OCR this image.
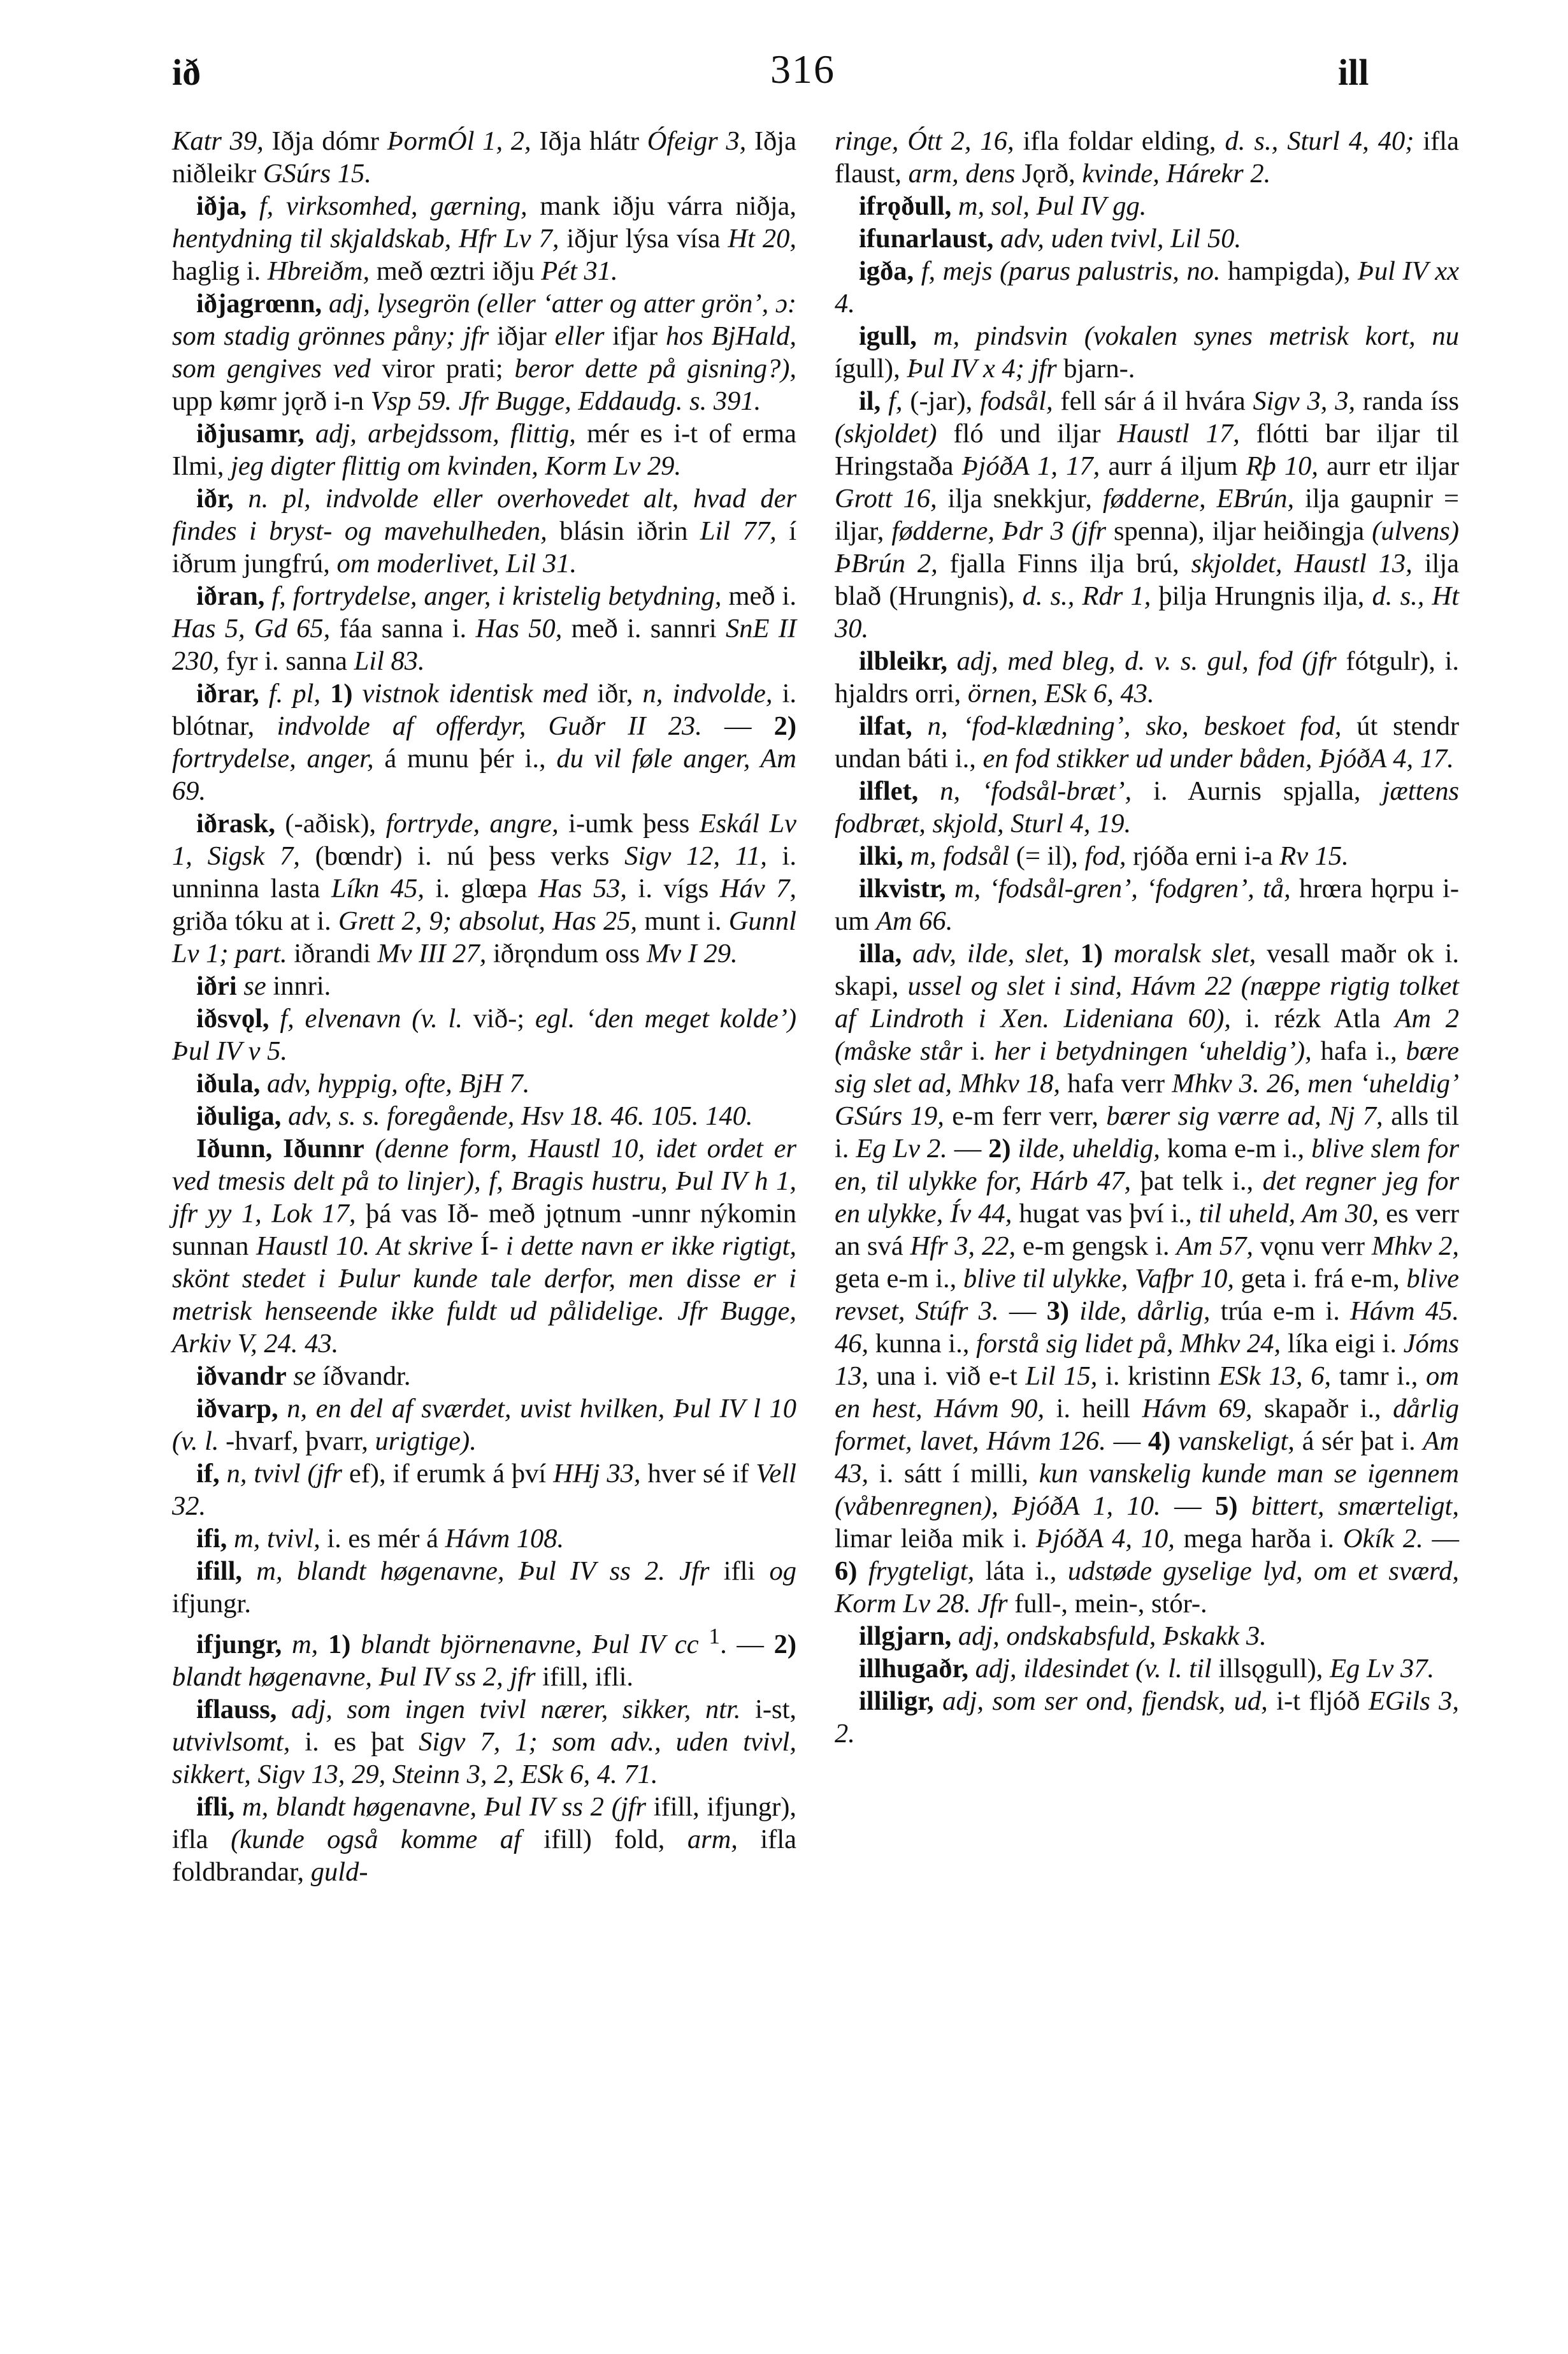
ið	316	ill

Katr 39, Iðja dómr ÞormÓl 1, 2, Iðja hlátr Ófeigr 3, Iðja niðleikr GSúrs 15.

iðja, f, virksomhed, gærning, mank iðju várra niðja, hentydning til skjaldskab, Hfr Lv 7, iðjur lýsa vísa Ht 20, haglig i. Hbreiðm, með œztri iðju Pét 31.

iðjagrœnn, adj, lysegrön (eller ‘atter og atter grön’, ɔ: som stadig grönnes påny; jfr iðjar eller ifjar hos BjHald, som gengives ved viror prati; beror dette på gisning?), upp kømr jǫrð i-n Vsp 59. Jfr Bugge, Eddaudg. s. 391.

iðjusamr, adj, arbejdssom, flittig, mér es i-t of erma Ilmi, jeg digter flittig om kvinden, Korm Lv 29.

iðr, n. pl, indvolde eller overhovedet alt, hvad der findes i bryst- og mavehulheden, blásin iðrin Lil 77, í iðrum jungfrú, om moderlivet, Lil 31.

iðran, f, fortrydelse, anger, i kristelig betydning, með i. Has 5, Gd 65, fáa sanna i. Has 50, með i. sannri SnE II 230, fyr i. sanna Lil 83.

iðrar, f. pl, 1) vistnok identisk med iðr, n, indvolde, i. blótnar, indvolde af offerdyr, Guðr II 23. — 2) fortrydelse, anger, á munu þér i., du vil føle anger, Am 69.

iðrask, (-aðisk), fortryde, angre, i-umk þess Eskál Lv 1, Sigsk 7, (bœndr) i. nú þess verks Sigv 12, 11, i. unninna lasta Líkn 45, i. glœpa Has 53, i. vígs Háv 7, griða tóku at i. Grett 2, 9; absolut, Has 25, munt i. Gunnl Lv 1; part. iðrandi Mv III 27, iðrǫndum oss Mv I 29.

iðri se innri.

iðsvǫl, f, elvenavn (v. l. við-; egl. ‘den meget kolde’) Þul IV v 5.

iðula, adv, hyppig, ofte, BjH 7.

iðuliga, adv, s. s. foregående, Hsv 18. 46. 105. 140.

Iðunn, Iðunnr (denne form, Haustl 10, idet ordet er ved tmesis delt på to linjer), f, Bragis hustru, Þul IV h 1, jfr yy 1, Lok 17, þá vas Ið- með jǫtnum -unnr nýkomin sunnan Haustl 10. At skrive Í- i dette navn er ikke rigtigt, skönt stedet i Þulur kunde tale derfor, men disse er i metrisk henseende ikke fuldt ud pålidelige. Jfr Bugge, Arkiv V, 24. 43.

iðvandr se íðvandr.

iðvarp, n, en del af sværdet, uvist hvilken, Þul IV l 10 (v. l. -hvarf, þvarr, urigtige).

if, n, tvivl (jfr ef), if erumk á því HHj 33, hver sé if Vell 32.

ifi, m, tvivl, i. es mér á Hávm 108.

ifill, m, blandt høgenavne, Þul IV ss 2. Jfr ifli og ifjungr.

ifjungr, m, 1) blandt björnenavne, Þul IV cc $^1$. — 2) blandt høgenavne, Þul IV ss 2, jfr ifill, ifli.

iflauss, adj, som ingen tvivl nærer, sikker, ntr. i-st, utvivlsomt, i. es þat Sigv 7, 1; som adv., uden tvivl, sikkert, Sigv 13, 29, Steinn 3, 2, ESk 6, 4. 71.

ifli, m, blandt høgenavne, Þul IV ss 2 (jfr ifill, ifjungr), ifla (kunde også komme af ifill) fold, arm, ifla foldbrandar, guld-

ringe, Ótt 2, 16, ifla foldar elding, d. s., Sturl 4, 40; ifla flaust, arm, dens Jǫrð, kvinde, Hárekr 2.

ifrǫðull, m, sol, Þul IV gg.

ifunarlaust, adv, uden tvivl, Lil 50.

igða, f, mejs (parus palustris, no. hampigda), Þul IV xx 4.

igull, m, pindsvin (vokalen synes metrisk kort, nu ígull), Þul IV x 4; jfr bjarn-.

il, f, (-jar), fodsål, fell sár á il hvára Sigv 3, 3, randa íss (skjoldet) fló und iljar Haustl 17, flótti bar iljar til Hringstaða ÞjóðA 1, 17, aurr á iljum Rþ 10, aurr etr iljar Grott 16, ilja snekkjur, fødderne, EBrún, ilja gaupnir = iljar, fødderne, Þdr 3 (jfr spenna), iljar heiðingja (ulvens) ÞBrún 2, fjalla Finns ilja brú, skjoldet, Haustl 13, ilja blað (Hrungnis), d. s., Rdr 1, þilja Hrungnis ilja, d. s., Ht 30.

ilbleikr, adj, med bleg, d. v. s. gul, fod (jfr fótgulr), i. hjaldrs orri, örnen, ESk 6, 43.

ilfat, n, ‘fod-klædning’, sko, beskoet fod, út stendr undan báti i., en fod stikker ud under båden, ÞjóðA 4, 17.

ilflet, n, ‘fodsål-bræt’, i. Aurnis spjalla, jættens fodbræt, skjold, Sturl 4, 19.

ilki, m, fodsål (= il), fod, rjóða erni i-a Rv 15.

ilkvistr, m, ‘fodsål-gren’, ‘fodgren’, tå, hrœra hǫrpu i-um Am 66.

illa, adv, ilde, slet, 1) moralsk slet, vesall maðr ok i. skapi, ussel og slet i sind, Hávm 22 (næppe rigtig tolket af Lindroth i Xen. Lideniana 60), i. rézk Atla Am 2 (måske står i. her i betydningen ‘uheldig’), hafa i., bære sig slet ad, Mhkv 18, hafa verr Mhkv 3. 26, men ‘uheldig’ GSúrs 19, e-m ferr verr, bærer sig værre ad, Nj 7, alls til i. Eg Lv 2. — 2) ilde, uheldig, koma e-m i., blive slem for en, til ulykke for, Hárb 47, þat telk i., det regner jeg for en ulykke, Ív 44, hugat vas því i., til uheld, Am 30, es verr an svá Hfr 3, 22, e-m gengsk i. Am 57, vǫnu verr Mhkv 2, geta e-m i., blive til ulykke, Vafþr 10, geta i. frá e-m, blive revset, Stúfr 3. — 3) ilde, dårlig, trúa e-m i. Hávm 45. 46, kunna i., forstå sig lidet på, Mhkv 24, líka eigi i. Jóms 13, una i. við e-t Lil 15, i. kristinn ESk 13, 6, tamr i., om en hest, Hávm 90, i. heill Hávm 69, skapaðr i., dårlig formet, lavet, Hávm 126. — 4) vanskeligt, á sér þat i. Am 43, i. sátt í milli, kun vanskelig kunde man se igennem (våbenregnen), ÞjóðA 1, 10. — 5) bittert, smærteligt, limar leiða mik i. ÞjóðA 4, 10, mega harða i. Okík 2. — 6) frygteligt, láta i., udstøde gyselige lyd, om et sværd, Korm Lv 28. Jfr full-, mein-, stór-.

illgjarn, adj, ondskabsfuld, Þskakk 3.

illhugaðr, adj, ildesindet (v. l. til illsǫgull), Eg Lv 37.

illiligr, adj, som ser ond, fjendsk, ud, i-t fljóð EGils 3, 2.
